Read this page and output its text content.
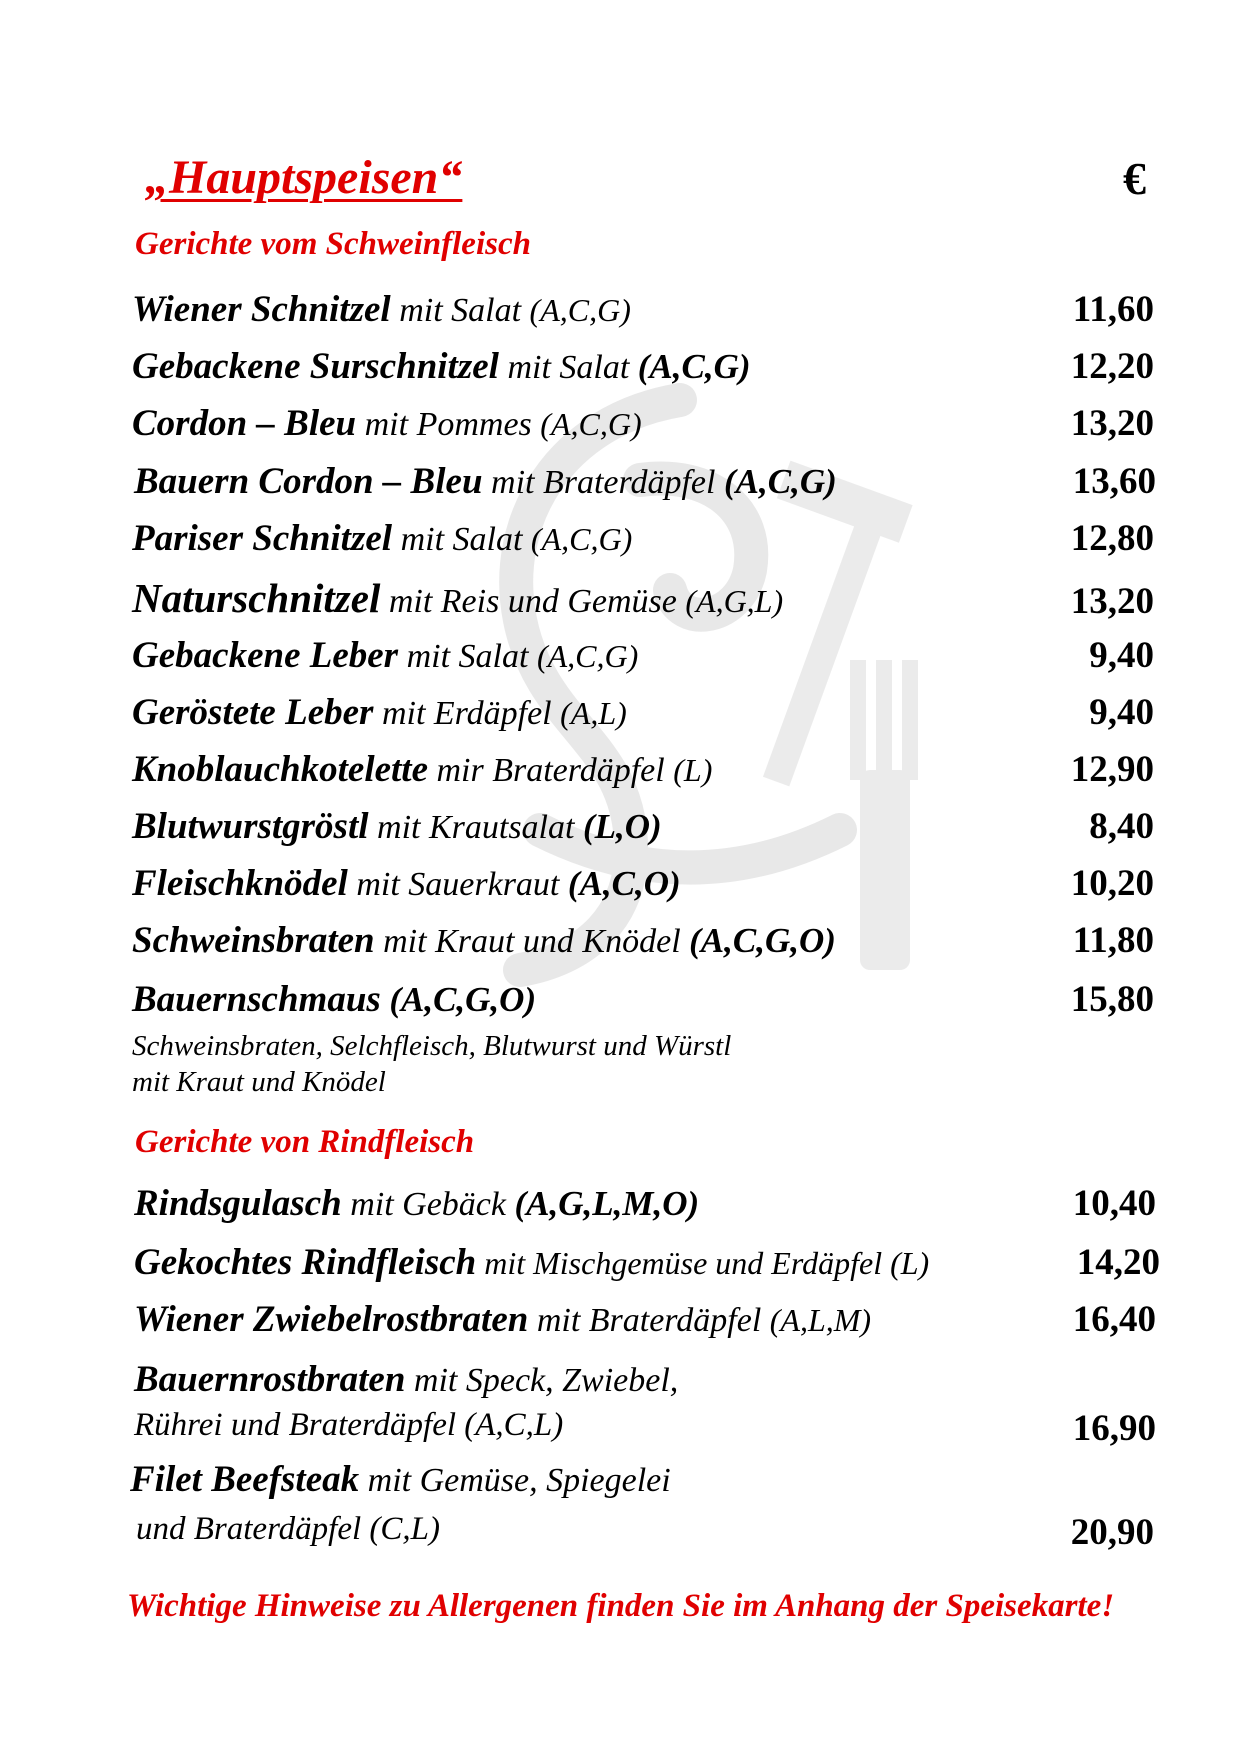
„Hauptspeisen“	€
Gerichte vom Schweinfleisch
Wiener Schnitzel mit Salat (A,C,G)	11,60
Gebackene Surschnitzel mit Salat (A,C,G)	12,20
Cordon – Bleu mit Pommes (A,C,G)	13,20
Bauern Cordon – Bleu mit Braterdäpfel (A,C,G)	13,60
Pariser Schnitzel mit Salat (A,C,G)	12,80
Naturschnitzel mit Reis und Gemüse (A,G,L)	13,20
Gebackene Leber mit Salat (A,C,G)	9,40
Geröstete Leber mit Erdäpfel (A,L)	9,40
Knoblauchkotelette mir Braterdäpfel (L)	12,90
Blutwurstgröstl mit Krautsalat (L,O)	8,40
Fleischknödel mit Sauerkraut (A,C,O)	10,20
Schweinsbraten mit Kraut und Knödel (A,C,G,O)	11,80
Bauernschmaus (A,C,G,O)	15,80
Schweinsbraten, Selchfleisch, Blutwurst und Würstl
mit Kraut und Knödel
Gerichte von Rindfleisch
Rindsgulasch mit Gebäck (A,G,L,M,O)	10,40
Gekochtes Rindfleisch mit Mischgemüse und Erdäpfel (L)	14,20
Wiener Zwiebelrostbraten mit Braterdäpfel (A,L,M)	16,40
Bauernrostbraten mit Speck, Zwiebel,
Rührei und Braterdäpfel (A,C,L)	16,90
Filet Beefsteak mit Gemüse, Spiegelei
und Braterdäpfel (C,L)	20,90
Wichtige Hinweise zu Allergenen finden Sie im Anhang der Speisekarte!
